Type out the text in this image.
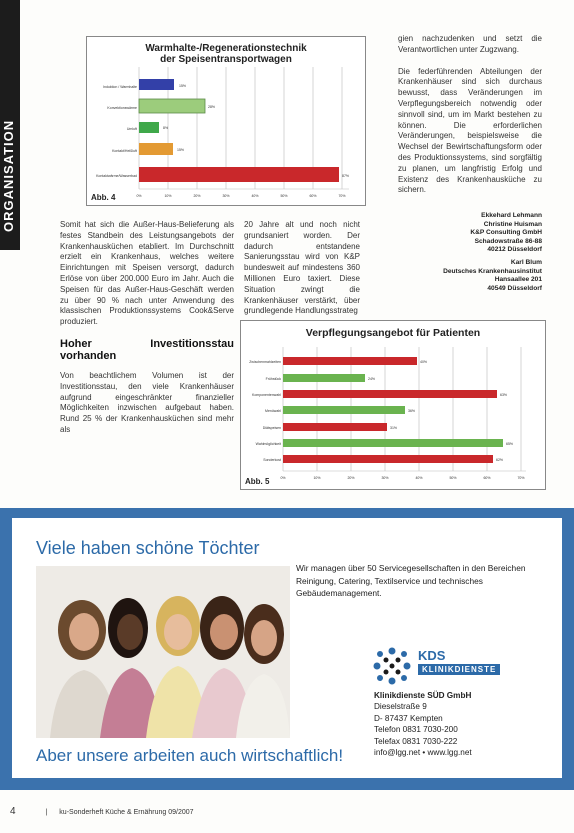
ORGANISATION
Warmhalte-/Regenerationstechnik
der Speisentransportwagen
Induktion / Warmhalte
Konvektionswärme
Umluft
Kontakt/Heißluft
Kontaktwärme/Wasserbad
15%
28%
8%
15%
87%
0%	10%	20%	30%	40%	50%	60%	70%
Abb. 4

gien nachzudenken und setzt die Verantwortlichen unter Zugzwang.

Die federführenden Abteilungen der Krankenhäuser sind sich durchaus bewusst, dass Veränderungen im Verpflegungsbereich notwendig oder sinnvoll sind, um im Markt bestehen zu können. Die erforderlichen Veränderungen, beispielsweise die Wechsel der Bewirtschaftungsform oder des Produktionssystems, sind sorgfältig zu planen, um langfristig Erfolg und Existenz des Krankenhausküche zu sichern.

Ekkehard Lehmann
Christine Huisman
K&P Consulting GmbH
Schadowstraße 86-88
40212 Düsseldorf
Karl Blum
Deutsches Krankenhausinstitut
Hansaallee 201
40549 Düsseldorf

Somit hat sich die Außer-Haus-Belieferung als festes Standbein des Leistungsangebots der Krankenhausküchen etabliert. Im Durchschnitt erzielt ein Krankenhaus, welches weitere Einrichtungen mit Speisen versorgt, dadurch Erlöse von über 200.000 Euro im Jahr. Auch die Speisen für das Außer-Haus-Geschäft werden zu über 90 % nach unter Anwendung des klassischen Produktionssystems Cook&Serve produziert.

Hoher Investitionsstau vorhanden

Von beachtlichem Volumen ist der Investitionsstau, den viele Krankenhäuser aufgrund eingeschränkter finanzieller Möglichkeiten inzwischen aufgebaut haben. Rund 25 % der Krankenhausküchen sind mehr als

20 Jahre alt und noch nicht grundsaniert worden. Der dadurch entstandene Sanierungsstau wird von K&P bundesweit auf mindestens 360 Millionen Euro taxiert. Diese Situation zwingt die Krankenhäuser verstärkt, über grundlegende Handlungsstrateg

Verpflegungsangebot für Patienten
Zwischenmahlzeiten
Frühstück
Komponentenwahl
Menüwahl
Diätspeisen
Wahlmöglichkeit
Sonderkost
40%
24%
63%
36%
31%
65%
62%
0%	10%	20%	30%	40%	50%	60%	70%
Abb. 5
Viele haben schöne Töchter
Wir managen über 50 Servicegesellschaften in den Bereichen Reinigung, Catering, Textilservice und technisches Gebäudemanagement.
KDS
KLINIKDIENSTE
Klinikdienste SÜD GmbH
Dieselstraße 9
D- 87437 Kempten
Telefon 0831 7030-200
Telefax 0831 7030-222
info@lgg.net • www.lgg.net
Aber unsere arbeiten auch wirtschaftlich!
4	| ku-Sonderheft Küche & Ernährung 09/2007
